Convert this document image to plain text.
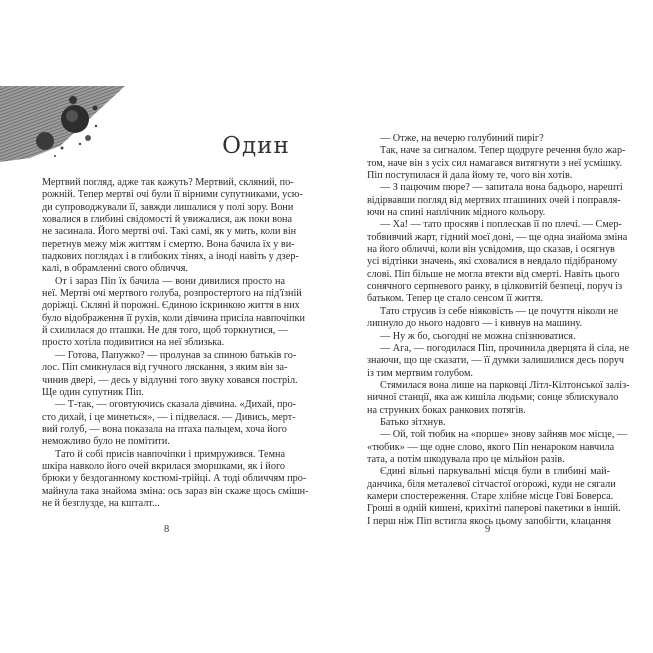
Один
Мертвий погляд, адже так кажуть? Мертвий, скляний, по-
рожній. Тепер мертві очі були її вірними супутниками, усю-
ди супроводжували її, завжди лишалися у полі зору. Вони
ховалися в глибині свідомості й увижалися, аж поки вона
не засинала. Його мертві очі. Такі самі, як у мить, коли він
перетнув межу між життям і смертю. Вона бачила їх у ви-
падкових поглядах і в глибоких тінях, а іноді навіть у дзер-
калі, в обрамленні свого обличчя.
От і зараз Піп їх бачила — вони дивилися просто на
неї. Мертві очі мертвого голуба, розпростертого на під'їзній
доріжці. Скляні й порожні. Єдиною іскринкою життя в них
було відображення її рухів, коли дівчина присіла навпочіпки
й схилилася до пташки. Не для того, щоб торкнутися, —
просто хотіла подивитися на неї зблизька.
— Готова, Папужко? — пролунав за спиною батьків го-
лос. Піп смикнулася від гучного ляскання, з яким він за-
чинив двері, — десь у відлунні того звуку ховався постріл.
Ще один супутник Піп.
— Т-так, — оговтуючись сказала дівчина. «Дихай, про-
сто дихай, і це минеться», — і підвелася. — Дивись, мерт-
вий голуб, — вона показала на птаха пальцем, хоча його
неможливо було не помітити.
Тато й собі присів навпочіпки і примружився. Темна
шкіра навколо його очей вкрилася зморшками, як і його
брюки у бездоганному костюмі-трійці. А тоді обличчям про-
майнула така знайома зміна: ось зараз він скаже щось смішн-
не й безглузде, на кшталт...
— Отже, на вечерю голубиний пиріг?
Так, наче за сигналом. Тепер щодруге речення було жар-
том, наче він з усіх сил намагався витягнути з неї усмішку.
Піп поступилася й дала йому те, чого він хотів.
— З пацючим пюре? — запитала вона бадьоро, нарешті
відірвавши погляд від мертвих пташиних очей і поправля-
ючи на спині наплічник мідного кольору.
— Ха! — тато просяяв і поплескав її по плечі. — Смер-
тобвивчий жарт, гідний моєї доні, — ще одна знайома зміна
на його обличчі, коли він усвідомив, що сказав, і осягнув
усі відтінки значень, які сховалися в невдало підібраному
слові. Піп більше не могла втекти від смерті. Навіть цього
сонячного серпневого ранку, в цілковитій безпеці, поруч із
батьком. Тепер це стало сенсом її життя.
Тато струсив із себе ніяковість — це почуття ніколи не
липнуло до нього надовго — і кивнув на машину.
— Ну ж бо, сьогодні не можна спізнюватися.
— Ага, — погодилася Піп, прочинила дверцята й сіла, не
знаючи, що ще сказати, — її думки залишилися десь поруч
із тим мертвим голубом.
Стямилася вона лише на парковці Літл-Кілтонської заліз-
ничної станції, яка аж кишіла людьми; сонце зблискувало
на струнких боках ранкових потягів.
Батько зітхнув.
— Ой, той тюбик на «порше» знову зайняв моє місце, —
«тюбик» — ще одне слово, якого Піп ненароком навчила
тата, а потім шкодувала про це мільйон разів.
Єдині вільні паркувальні місця були в глибині май-
данчика, біля металевої сітчастої огорожі, куди не сягали
камери спостереження. Старе хлібне місце Гові Боверса.
Гроші в одній кишені, крихітні паперові пакетики в іншій.
І перш ніж Піп встигла якось цьому запобігти, клацання
8	9
